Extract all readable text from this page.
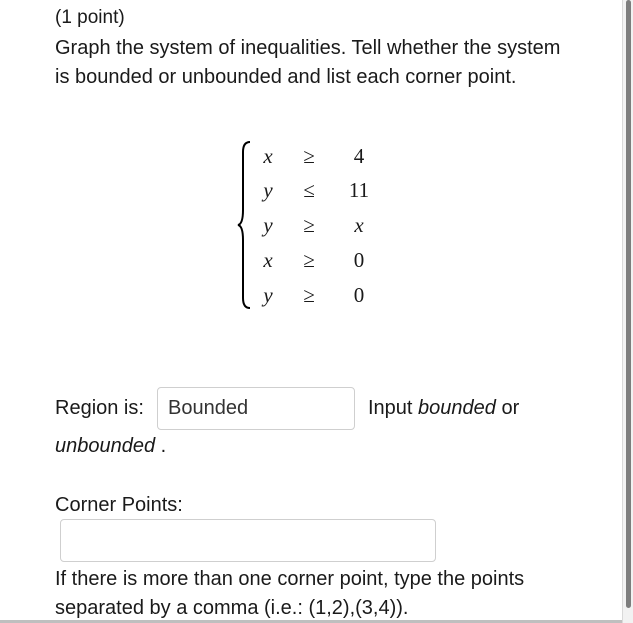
(1 point)
Graph the system of inequalities. Tell whether the system is bounded or unbounded and list each corner point.
x	≥	4
y	≤	11
y	≥	x
x	≥	0
y	≥	0
Region is:
Bounded	Input bounded or
unbounded .
Corner Points:
If there is more than one corner point, type the points separated by a comma (i.e.: (1,2),(3,4)).
